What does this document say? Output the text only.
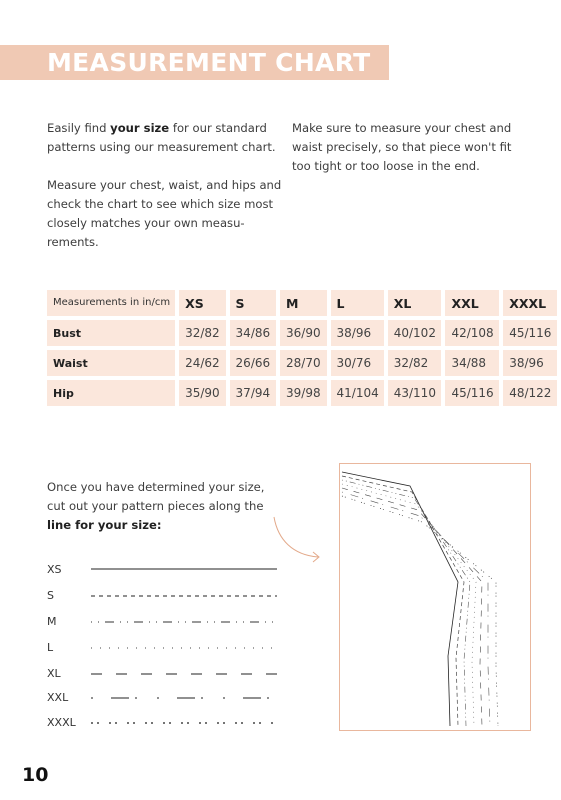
MEASUREMENT CHART

Easily find your size for our standard patterns using our measurement chart.

Measure your chest, waist, and hips and check the chart to see which size most closely matches your own measu-rements.

Make sure to measure your chest and waist precisely, so that piece won't fit too tight or too loose in the end.

Measurements in in/cm	XS	S	M	L	XL	XXL	XXXL
Bust	32/82	34/86	36/90	38/96	40/102	42/108	45/116
Waist	24/62	26/66	28/70	30/76	32/82	34/88	38/96
Hip	35/90	37/94	39/98	41/104	43/110	45/116	48/122

Once you have determined your size, cut out your pattern pieces along the line for your size:

XS
S
M
L
XL
XXL
XXXL
10
